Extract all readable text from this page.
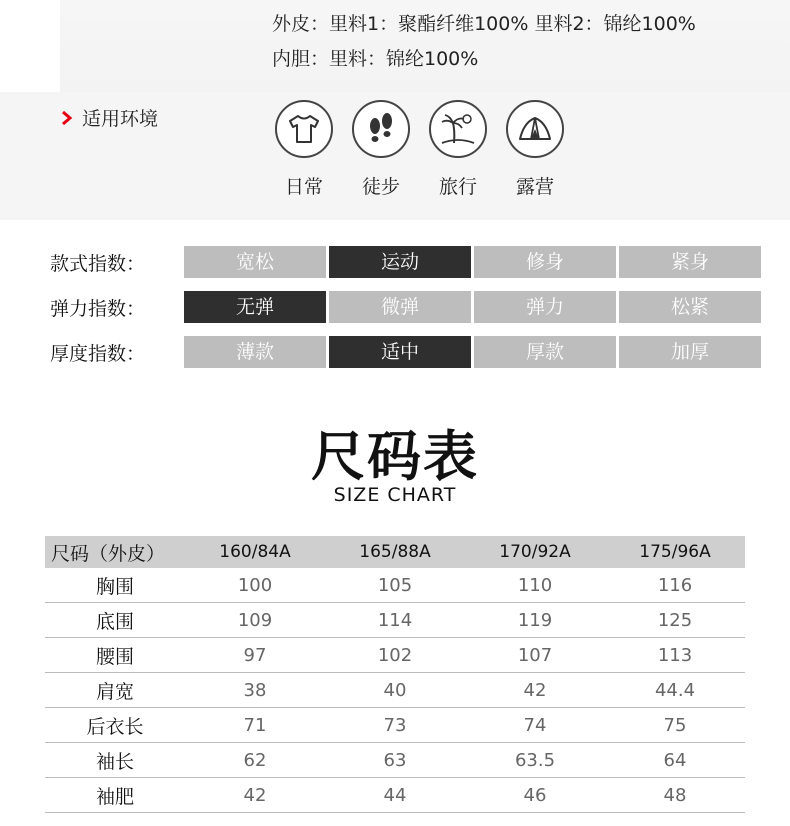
外皮：里料1：聚酯纤维100% 里料2：锦纶100%
内胆：里料：锦纶100%
适用环境
日常 徒步 旅行 露营
款式指数：	宽松	运动	修身	紧身
弹力指数：	无弹	微弹	弹力	松紧
厚度指数：	薄款	适中	厚款	加厚
尺码表
SIZE CHART
尺码（外皮）	160/84A	165/88A	170/92A	175/96A
胸围	100	105	110	116
底围	109	114	119	125
腰围	97	102	107	113
肩宽	38	40	42	44.4
后衣长	71	73	74	75
袖长	62	63	63.5	64
袖肥	42	44	46	48
